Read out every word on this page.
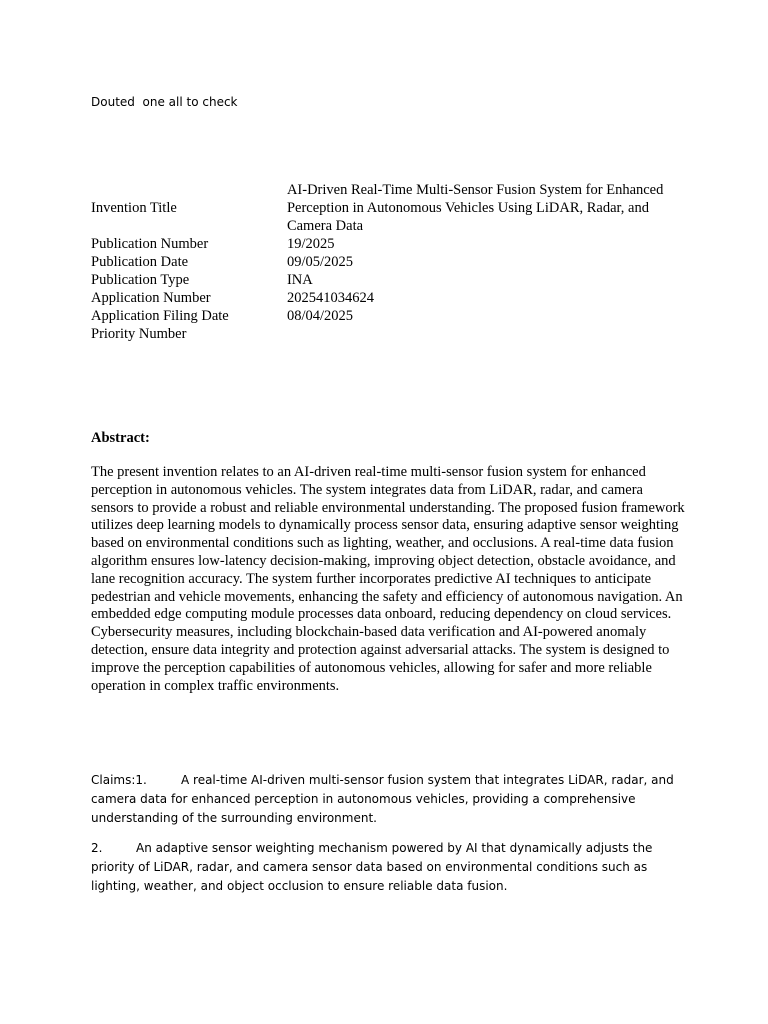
Douted  one all to check
Invention Title	AI-Driven Real-Time Multi-Sensor Fusion System for Enhanced Perception in Autonomous Vehicles Using LiDAR, Radar, and Camera Data
Publication Number	19/2025
Publication Date	09/05/2025
Publication Type	INA
Application Number	202541034624
Application Filing Date	08/04/2025
Priority Number	
Abstract:
The present invention relates to an AI-driven real-time multi-sensor fusion system for enhanced perception in autonomous vehicles. The system integrates data from LiDAR, radar, and camera sensors to provide a robust and reliable environmental understanding. The proposed fusion framework utilizes deep learning models to dynamically process sensor data, ensuring adaptive sensor weighting based on environmental conditions such as lighting, weather, and occlusions. A real-time data fusion algorithm ensures low-latency decision-making, improving object detection, obstacle avoidance, and lane recognition accuracy. The system further incorporates predictive AI techniques to anticipate pedestrian and vehicle movements, enhancing the safety and efficiency of autonomous navigation. An embedded edge computing module processes data onboard, reducing dependency on cloud services. Cybersecurity measures, including blockchain-based data verification and AI-powered anomaly detection, ensure data integrity and protection against adversarial attacks. The system is designed to improve the perception capabilities of autonomous vehicles, allowing for safer and more reliable operation in complex traffic environments.
Claims:1.	A real-time AI-driven multi-sensor fusion system that integrates LiDAR, radar, and camera data for enhanced perception in autonomous vehicles, providing a comprehensive understanding of the surrounding environment.
2.	An adaptive sensor weighting mechanism powered by AI that dynamically adjusts the priority of LiDAR, radar, and camera sensor data based on environmental conditions such as lighting, weather, and object occlusion to ensure reliable data fusion.
